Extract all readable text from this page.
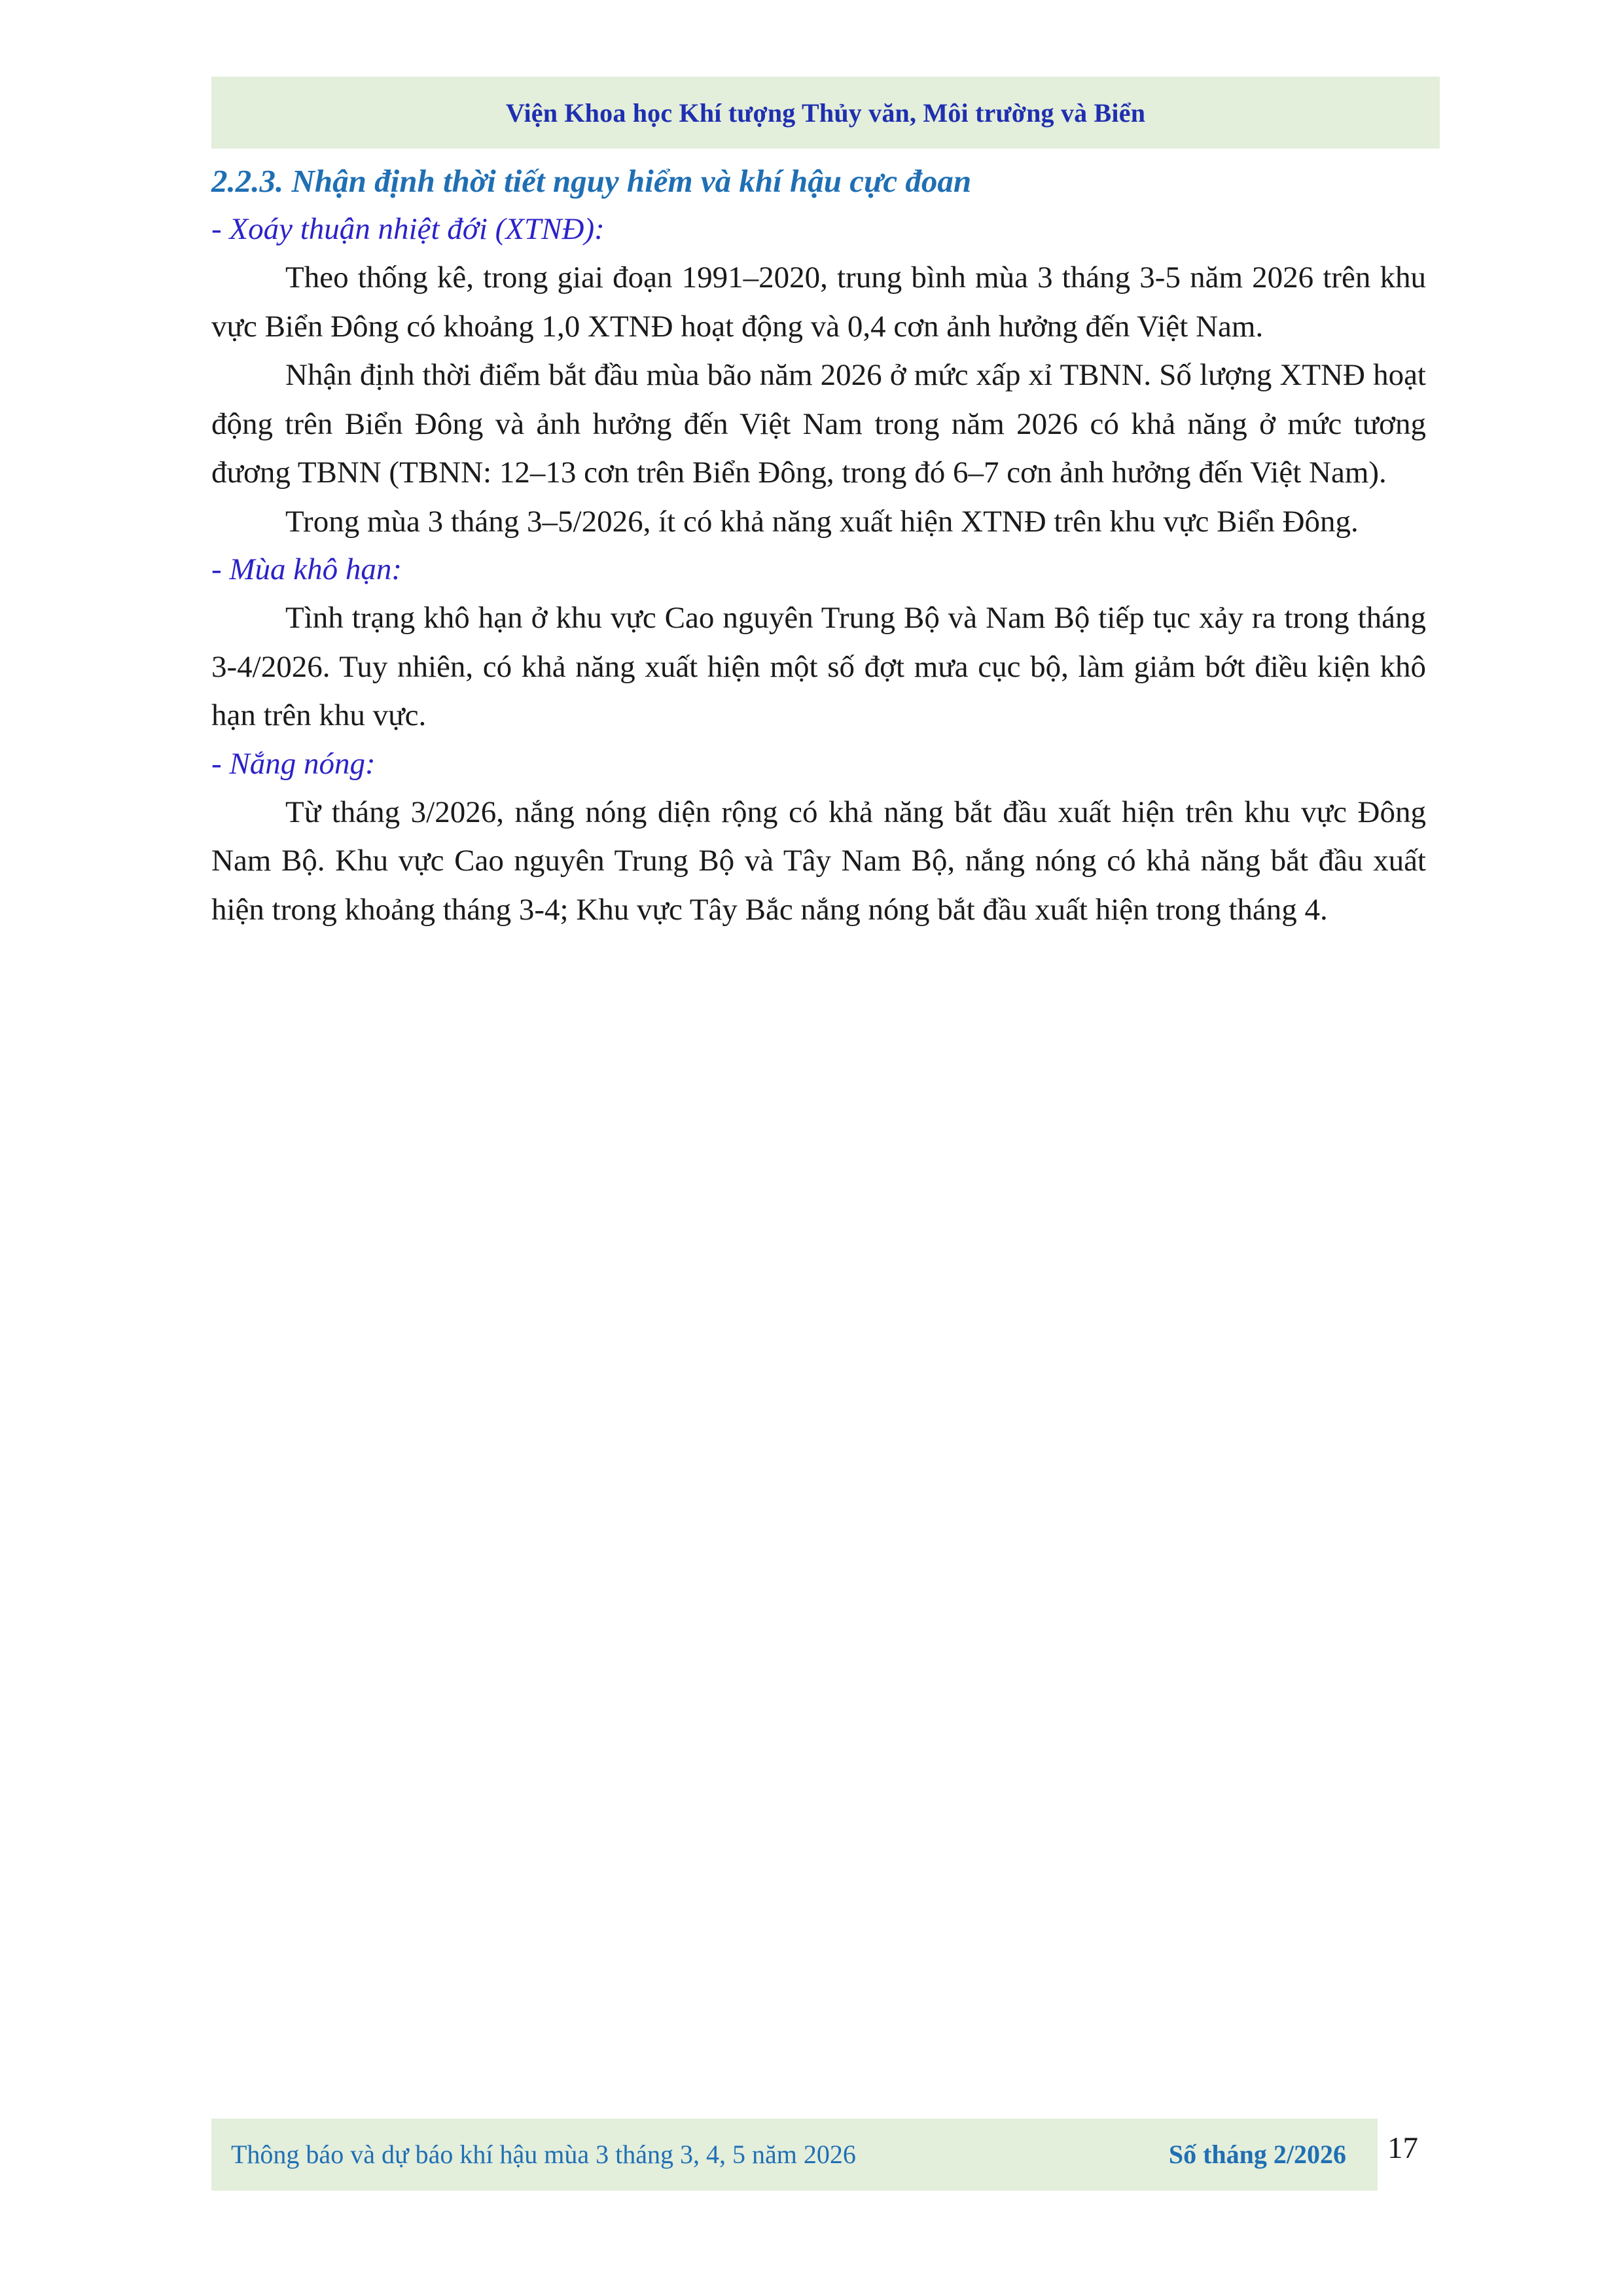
Viện Khoa học Khí tượng Thủy văn, Môi trường và Biển
2.2.3. Nhận định thời tiết nguy hiểm và khí hậu cực đoan

- Xoáy thuận nhiệt đới (XTNĐ):

Theo thống kê, trong giai đoạn 1991–2020, trung bình mùa 3 tháng 3-5 năm 2026 trên khu vực Biển Đông có khoảng 1,0 XTNĐ hoạt động và 0,4 cơn ảnh hưởng đến Việt Nam.

Nhận định thời điểm bắt đầu mùa bão năm 2026 ở mức xấp xỉ TBNN. Số lượng XTNĐ hoạt động trên Biển Đông và ảnh hưởng đến Việt Nam trong năm 2026 có khả năng ở mức tương đương TBNN (TBNN: 12–13 cơn trên Biển Đông, trong đó 6–7 cơn ảnh hưởng đến Việt Nam).

Trong mùa 3 tháng 3–5/2026, ít có khả năng xuất hiện XTNĐ trên khu vực Biển Đông.

- Mùa khô hạn:

Tình trạng khô hạn ở khu vực Cao nguyên Trung Bộ và Nam Bộ tiếp tục xảy ra trong tháng 3-4/2026. Tuy nhiên, có khả năng xuất hiện một số đợt mưa cục bộ, làm giảm bớt điều kiện khô hạn trên khu vực.

- Nắng nóng:

Từ tháng 3/2026, nắng nóng diện rộng có khả năng bắt đầu xuất hiện trên khu vực Đông Nam Bộ. Khu vực Cao nguyên Trung Bộ và Tây Nam Bộ, nắng nóng có khả năng bắt đầu xuất hiện trong khoảng tháng 3-4; Khu vực Tây Bắc nắng nóng bắt đầu xuất hiện trong tháng 4.

Thông báo và dự báo khí hậu mùa 3 tháng 3, 4, 5 năm 2026	Số tháng 2/2026 17
